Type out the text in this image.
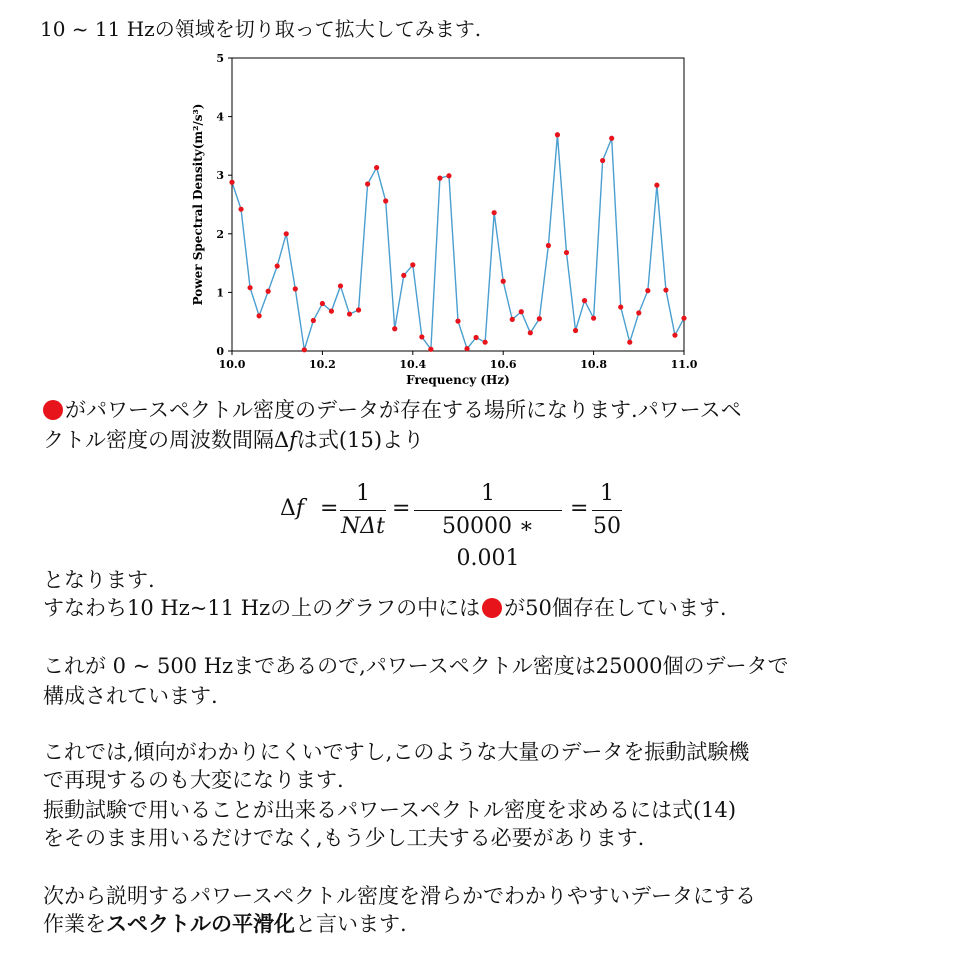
10 ~ 11 Hzの領域を切り取って拡大してみます.
0
1
2
3
4
5
10.0	10.2	10.4	10.6	10.8	11.0
Frequency (Hz)
Power Spectral Density(m²/s³)
がパワースペクトル密度のデータが存在する場所になります.パワースペ
クトル密度の周波数間隔Δ𝑓は式(15)より
Δ𝑓 =
1
𝑁Δ𝑡
=
1
50000 ∗ 0.001
=
1
50
となります.
すなわち10 Hz~11 Hzの上のグラフの中には が50個存在しています.
これが 0 ~ 500 Hzまであるので,パワースペクトル密度は25000個のデータで
構成されています.
これでは,傾向がわかりにくいですし,このような大量のデータを振動試験機
で再現するのも大変になります.
振動試験で用いることが出来るパワースペクトル密度を求めるには式(14)
をそのまま用いるだけでなく,もう少し工夫する必要があります.
次から説明するパワースペクトル密度を滑らかでわかりやすいデータにする
作業をスペクトルの平滑化と言います.
